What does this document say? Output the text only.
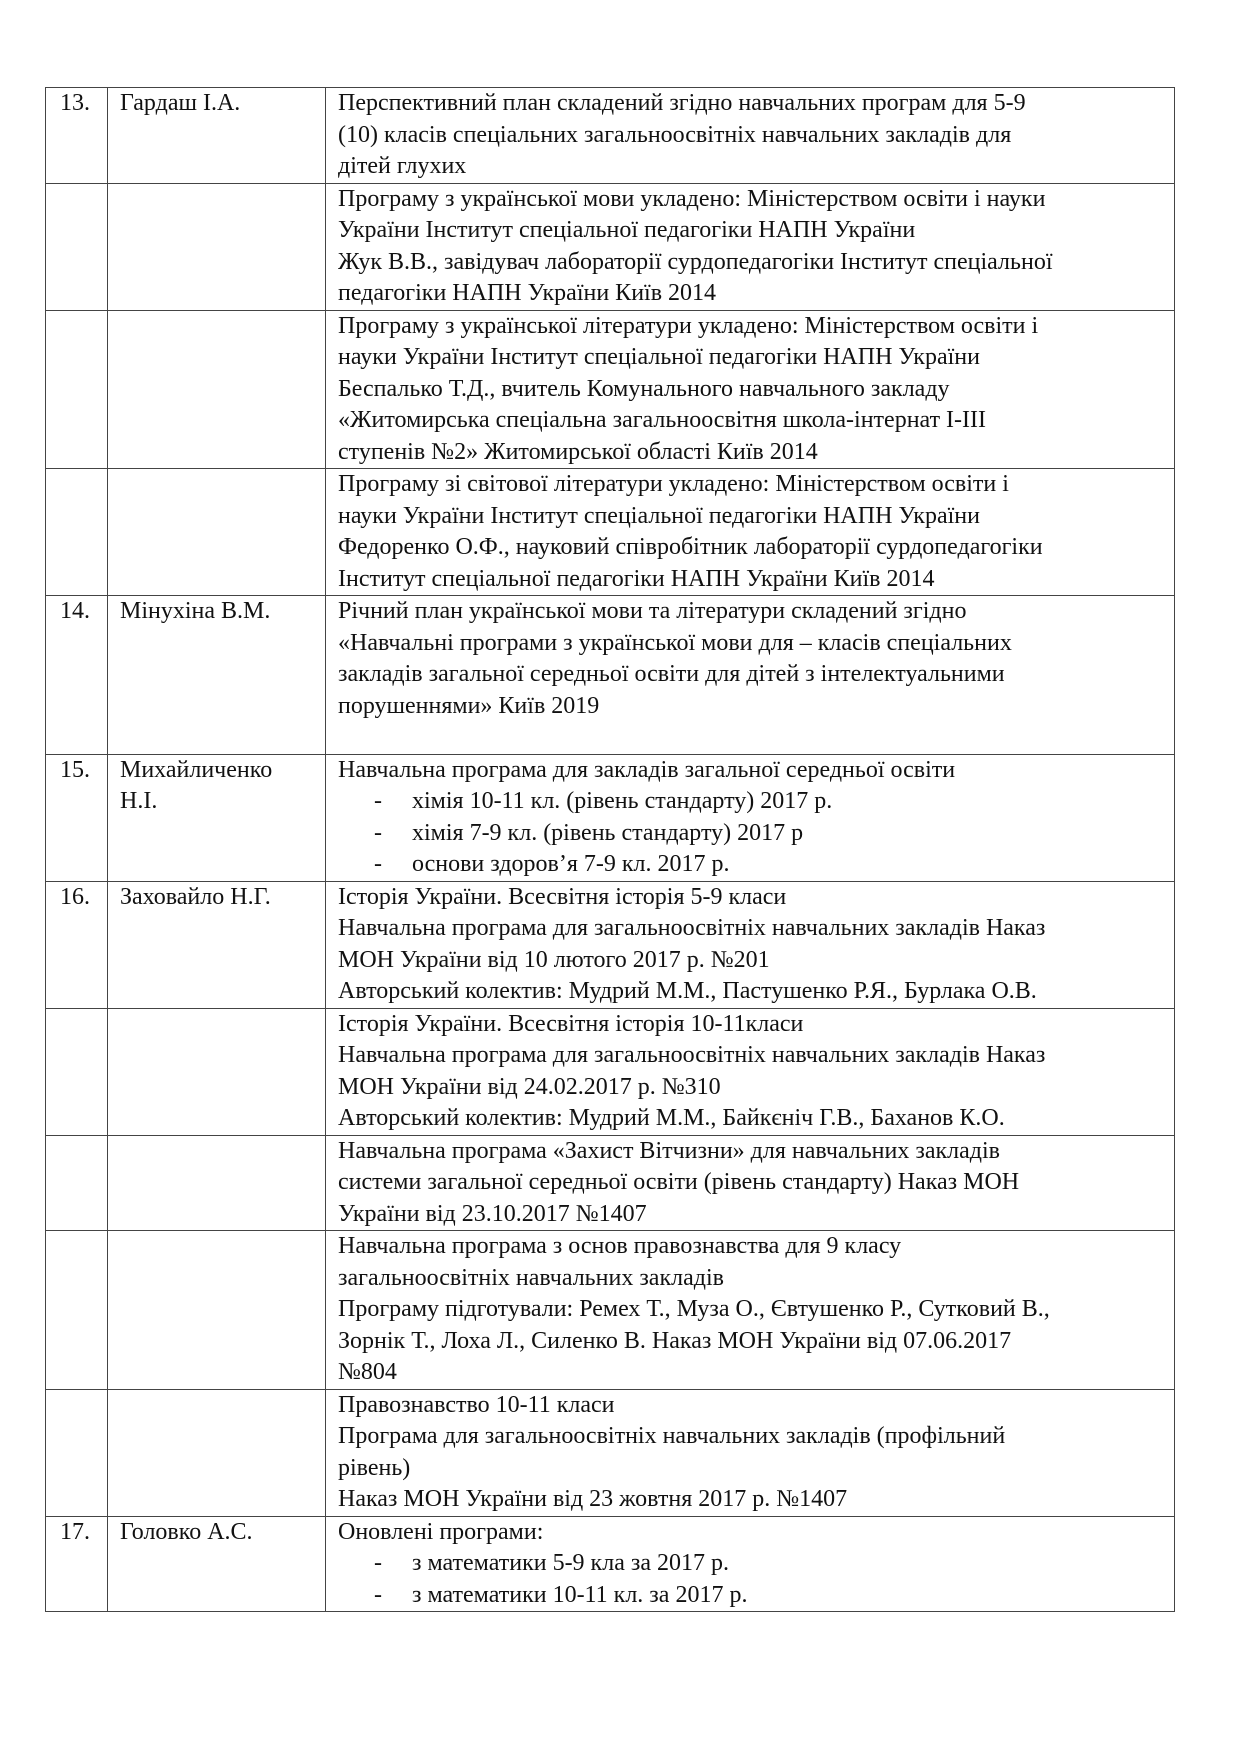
13.	Гардаш І.А.	Перспективний план складений згідно навчальних програм для 5-9
(10) класів спеціальних загальноосвітніх навчальних закладів для
дітей глухих

		Програму з української мови укладено: Міністерством освіти і науки
України Інститут спеціальної педагогіки НАПН України
Жук В.В., завідувач лабораторії сурдопедагогіки Інститут спеціальної
педагогіки НАПН України Київ 2014

		Програму з української літератури укладено: Міністерством освіти і
науки України Інститут спеціальної педагогіки НАПН України
Беспалько Т.Д., вчитель Комунального навчального закладу
«Житомирська спеціальна загальноосвітня школа-інтернат І-ІІІ
ступенів №2» Житомирської області Київ 2014

		Програму зі світової літератури укладено: Міністерством освіти і
науки України Інститут спеціальної педагогіки НАПН України
Федоренко О.Ф., науковий співробітник лабораторії сурдопедагогіки
Інститут спеціальної педагогіки НАПН України Київ 2014

14.	Мінухіна В.М.	Річний план української мови та літератури складений згідно
«Навчальні програми з української мови для – класів спеціальних
закладів загальної середньої освіти для дітей з інтелектуальними
порушеннями» Київ 2019

15.	Михайличенко
Н.І.	Навчальна програма для закладів загальної середньої освіти
- хімія 10-11 кл. (рівень стандарту) 2017 р.
- хімія 7-9 кл. (рівень стандарту) 2017 р
- основи здоров’я 7-9 кл. 2017 р.

16.	Заховайло Н.Г.	Історія України. Всесвітня історія 5-9 класи
Навчальна програма для загальноосвітніх навчальних закладів Наказ
МОН України від 10 лютого 2017 р. №201
Авторський колектив: Мудрий М.М., Пастушенко Р.Я., Бурлака О.В.

		Історія України. Всесвітня історія 10-11класи
Навчальна програма для загальноосвітніх навчальних закладів Наказ
МОН України від 24.02.2017 р. №310
Авторський колектив: Мудрий М.М., Байкєніч Г.В., Баханов К.О.

		Навчальна програма «Захист Вітчизни» для навчальних закладів
системи загальної середньої освіти (рівень стандарту) Наказ МОН
України від 23.10.2017 №1407

		Навчальна програма з основ правознавства для 9 класу
загальноосвітніх навчальних закладів
Програму підготували: Ремех Т., Муза О., Євтушенко Р., Сутковий В.,
Зорнік Т., Лоха Л., Силенко В. Наказ МОН України від 07.06.2017
№804

		Правознавство 10-11 класи
Програма для загальноосвітніх навчальних закладів (профільний
рівень)
Наказ МОН України від 23 жовтня 2017 р. №1407

17.	Головко А.С.	Оновлені програми:
- з математики 5-9 кла за 2017 р.
- з математики 10-11 кл. за 2017 р.
